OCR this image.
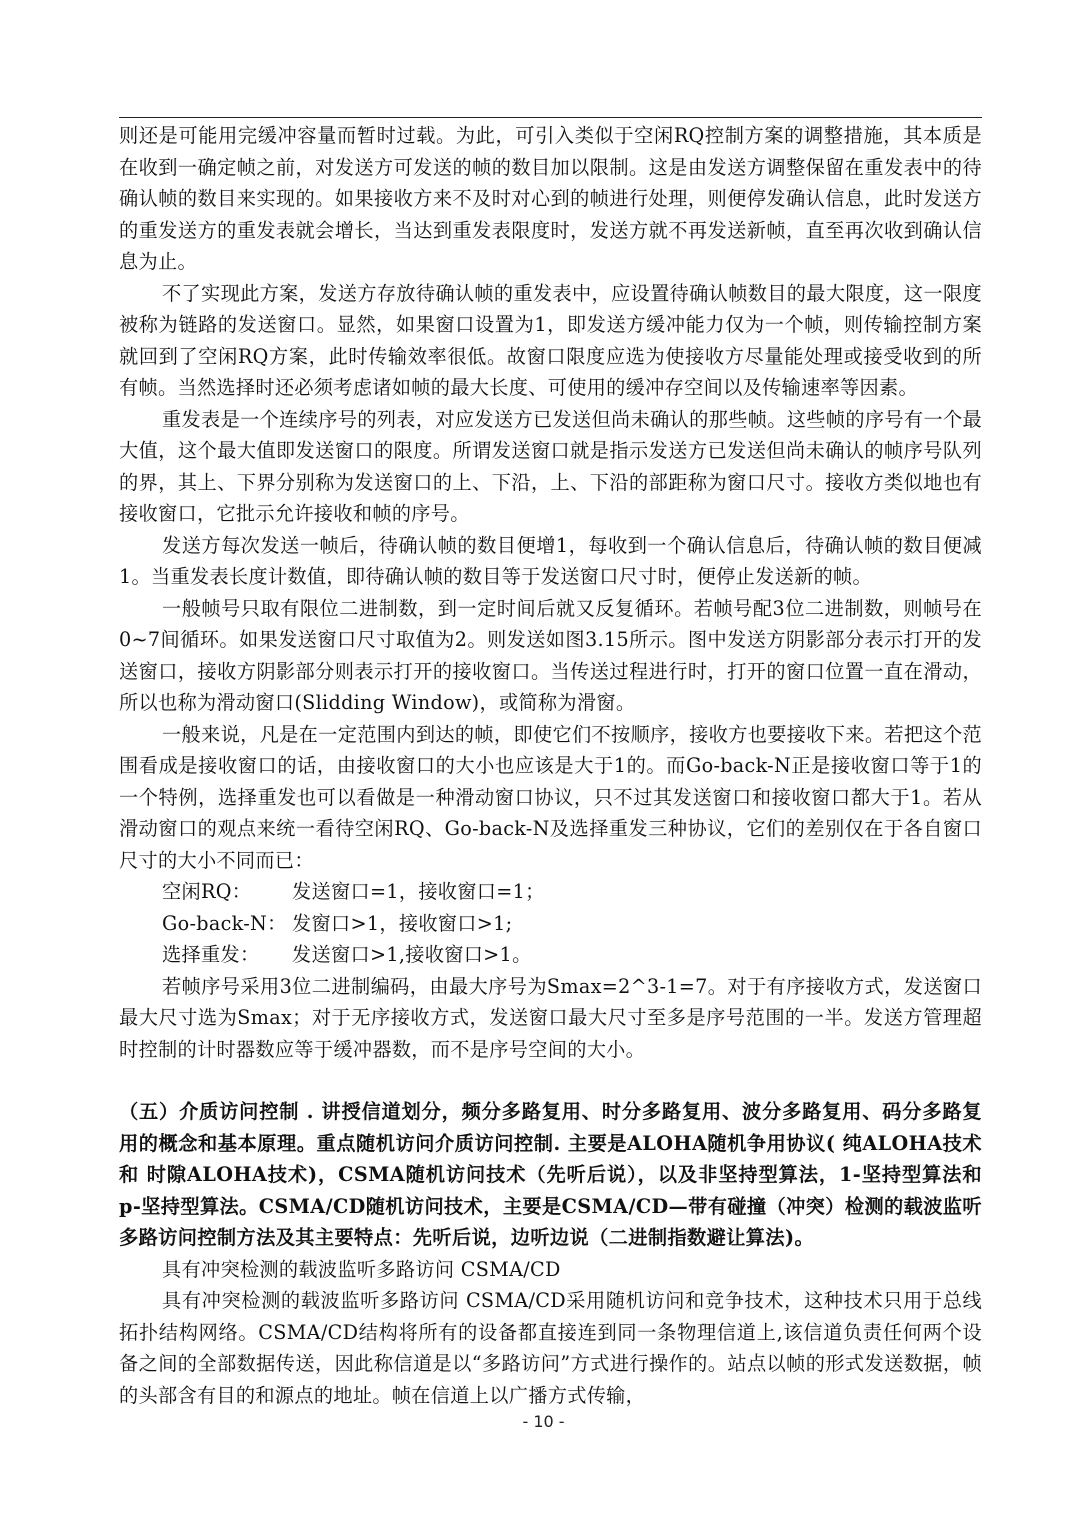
则还是可能用完缓冲容量而暂时过载。为此，可引入类似于空闲RQ控制方案的调整措施，其本质是在收到一确定帧之前，对发送方可发送的帧的数目加以限制。这是由发送方调整保留在重发表中的待确认帧的数目来实现的。如果接收方来不及时对心到的帧进行处理，则便停发确认信息，此时发送方的重发送方的重发表就会增长，当达到重发表限度时，发送方就不再发送新帧，直至再次收到确认信息为止。

不了实现此方案，发送方存放待确认帧的重发表中，应设置待确认帧数目的最大限度，这一限度被称为链路的发送窗口。显然，如果窗口设置为1，即发送方缓冲能力仅为一个帧，则传输控制方案就回到了空闲RQ方案，此时传输效率很低。故窗口限度应选为使接收方尽量能处理或接受收到的所有帧。当然选择时还必须考虑诸如帧的最大长度、可使用的缓冲存空间以及传输速率等因素。

重发表是一个连续序号的列表，对应发送方已发送但尚未确认的那些帧。这些帧的序号有一个最大值，这个最大值即发送窗口的限度。所谓发送窗口就是指示发送方已发送但尚未确认的帧序号队列的界，其上、下界分别称为发送窗口的上、下沿，上、下沿的部距称为窗口尺寸。接收方类似地也有接收窗口，它批示允许接收和帧的序号。

发送方每次发送一帧后，待确认帧的数目便增1，每收到一个确认信息后，待确认帧的数目便减1。当重发表长度计数值，即待确认帧的数目等于发送窗口尺寸时，便停止发送新的帧。

一般帧号只取有限位二进制数，到一定时间后就又反复循环。若帧号配3位二进制数，则帧号在0~7间循环。如果发送窗口尺寸取值为2。则发送如图3.15所示。图中发送方阴影部分表示打开的发送窗口，接收方阴影部分则表示打开的接收窗口。当传送过程进行时，打开的窗口位置一直在滑动，所以也称为滑动窗口(Slidding Window)，或简称为滑窗。

一般来说，凡是在一定范围内到达的帧，即使它们不按顺序，接收方也要接收下来。若把这个范围看成是接收窗口的话，由接收窗口的大小也应该是大于1的。而Go-back-N正是接收窗口等于1的一个特例，选择重发也可以看做是一种滑动窗口协议，只不过其发送窗口和接收窗口都大于1。若从滑动窗口的观点来统一看待空闲RQ、Go-back-N及选择重发三种协议，它们的差别仅在于各自窗口尺寸的大小不同而已：

空闲RQ： 发送窗口=1，接收窗口=1；
Go-back-N： 发窗口>1，接收窗口>1;
选择重发： 发送窗口>1,接收窗口>1。

若帧序号采用3位二进制编码，由最大序号为Smax=2^3-1=7。对于有序接收方式，发送窗口最大尺寸选为Smax；对于无序接收方式，发送窗口最大尺寸至多是序号范围的一半。发送方管理超时控制的计时器数应等于缓冲器数，而不是序号空间的大小。

（五）介质访问控制 . 讲授信道划分，频分多路复用、时分多路复用、波分多路复用、码分多路复用的概念和基本原理。重点随机访问介质访问控制. 主要是ALOHA随机争用协议( 纯ALOHA技术 和 时隙ALOHA技术)，CSMA随机访问技术（先听后说），以及非坚持型算法，1-坚持型算法和p-坚持型算法。CSMA/CD随机访问技术，主要是CSMA/CD—带有碰撞（冲突）检测的载波监听多路访问控制方法及其主要特点：先听后说，边听边说（二进制指数避让算法)。

具有冲突检测的载波监听多路访问 CSMA/CD

具有冲突检测的载波监听多路访问 CSMA/CD采用随机访问和竞争技术，这种技术只用于总线拓扑结构网络。CSMA/CD结构将所有的设备都直接连到同一条物理信道上,该信道负责任何两个设备之间的全部数据传送，因此称信道是以“多路访问”方式进行操作的。站点以帧的形式发送数据，帧的头部含有目的和源点的地址。帧在信道上以广播方式传输，

- 10 -
